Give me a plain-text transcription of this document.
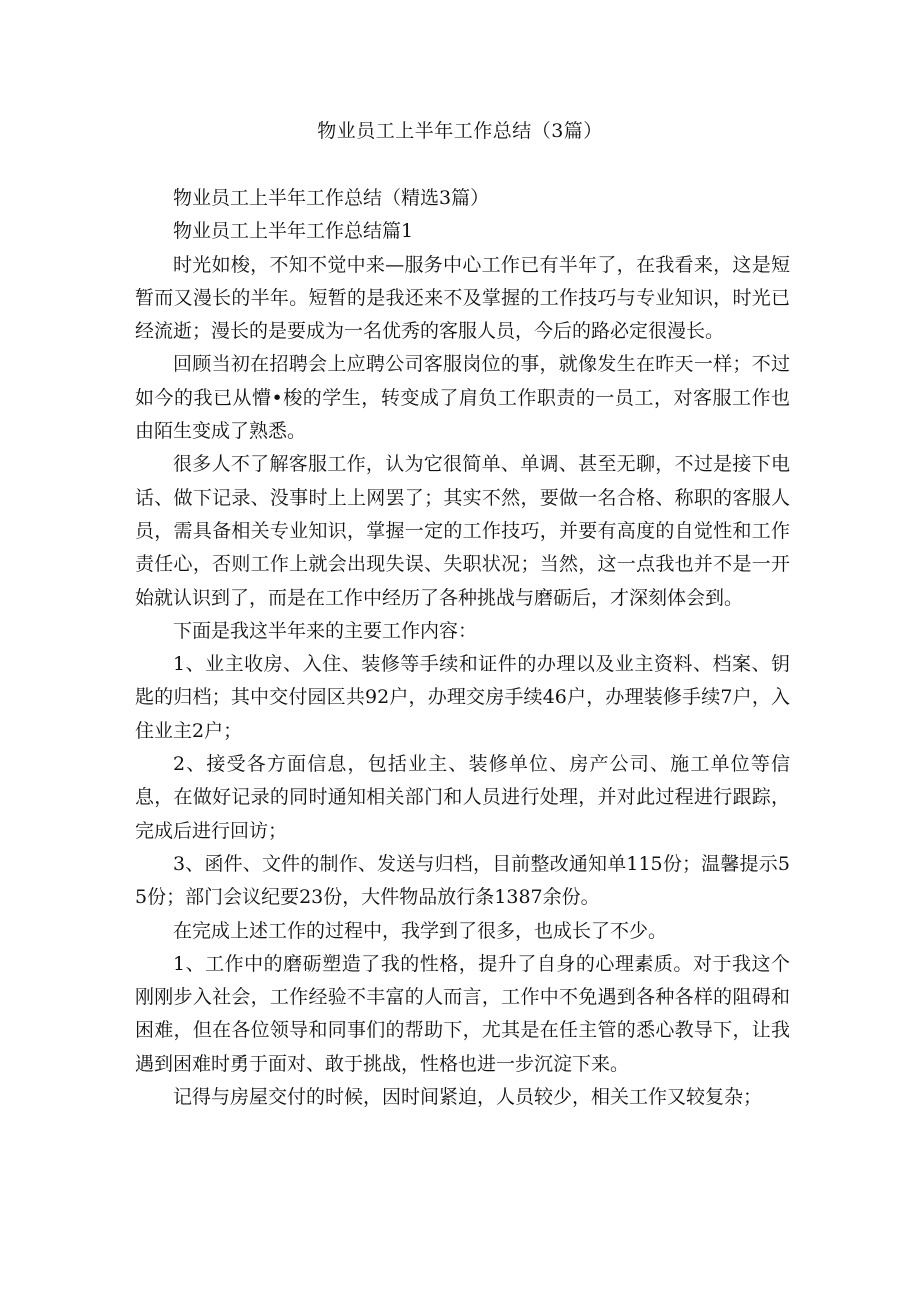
物业员工上半年工作总结（3篇）

物业员工上半年工作总结（精选3篇）

物业员工上半年工作总结篇1

时光如梭，不知不觉中来—服务中心工作已有半年了，在我看来，这是短暂而又漫长的半年。短暂的是我还来不及掌握的工作技巧与专业知识，时光已经流逝；漫长的是要成为一名优秀的客服人员，今后的路必定很漫长。

回顾当初在招聘会上应聘公司客服岗位的事，就像发生在昨天一样；不过如今的我已从懵•梭的学生，转变成了肩负工作职责的一员工，对客服工作也由陌生变成了熟悉。

很多人不了解客服工作，认为它很简单、单调、甚至无聊，不过是接下电话、做下记录、没事时上上网罢了；其实不然，要做一名合格、称职的客服人员，需具备相关专业知识，掌握一定的工作技巧，并要有高度的自觉性和工作责任心，否则工作上就会出现失误、失职状况；当然，这一点我也并不是一开始就认识到了，而是在工作中经历了各种挑战与磨砺后，才深刻体会到。

下面是我这半年来的主要工作内容：

1、业主收房、入住、装修等手续和证件的办理以及业主资料、档案、钥匙的归档；其中交付园区共92户，办理交房手续46户，办理装修手续7户，入住业主2户；

2、接受各方面信息，包括业主、装修单位、房产公司、施工单位等信息，在做好记录的同时通知相关部门和人员进行处理，并对此过程进行跟踪，完成后进行回访；

3、函件、文件的制作、发送与归档，目前整改通知单115份；温馨提示55份；部门会议纪要23份，大件物品放行条1387余份。

在完成上述工作的过程中，我学到了很多，也成长了不少。

1、工作中的磨砺塑造了我的性格，提升了自身的心理素质。对于我这个刚刚步入社会，工作经验不丰富的人而言，工作中不免遇到各种各样的阻碍和困难，但在各位领导和同事们的帮助下，尤其是在任主管的悉心教导下，让我遇到困难时勇于面对、敢于挑战，性格也进一步沉淀下来。

记得与房屋交付的时候，因时间紧迫，人员较少，相关工作又较复杂；
